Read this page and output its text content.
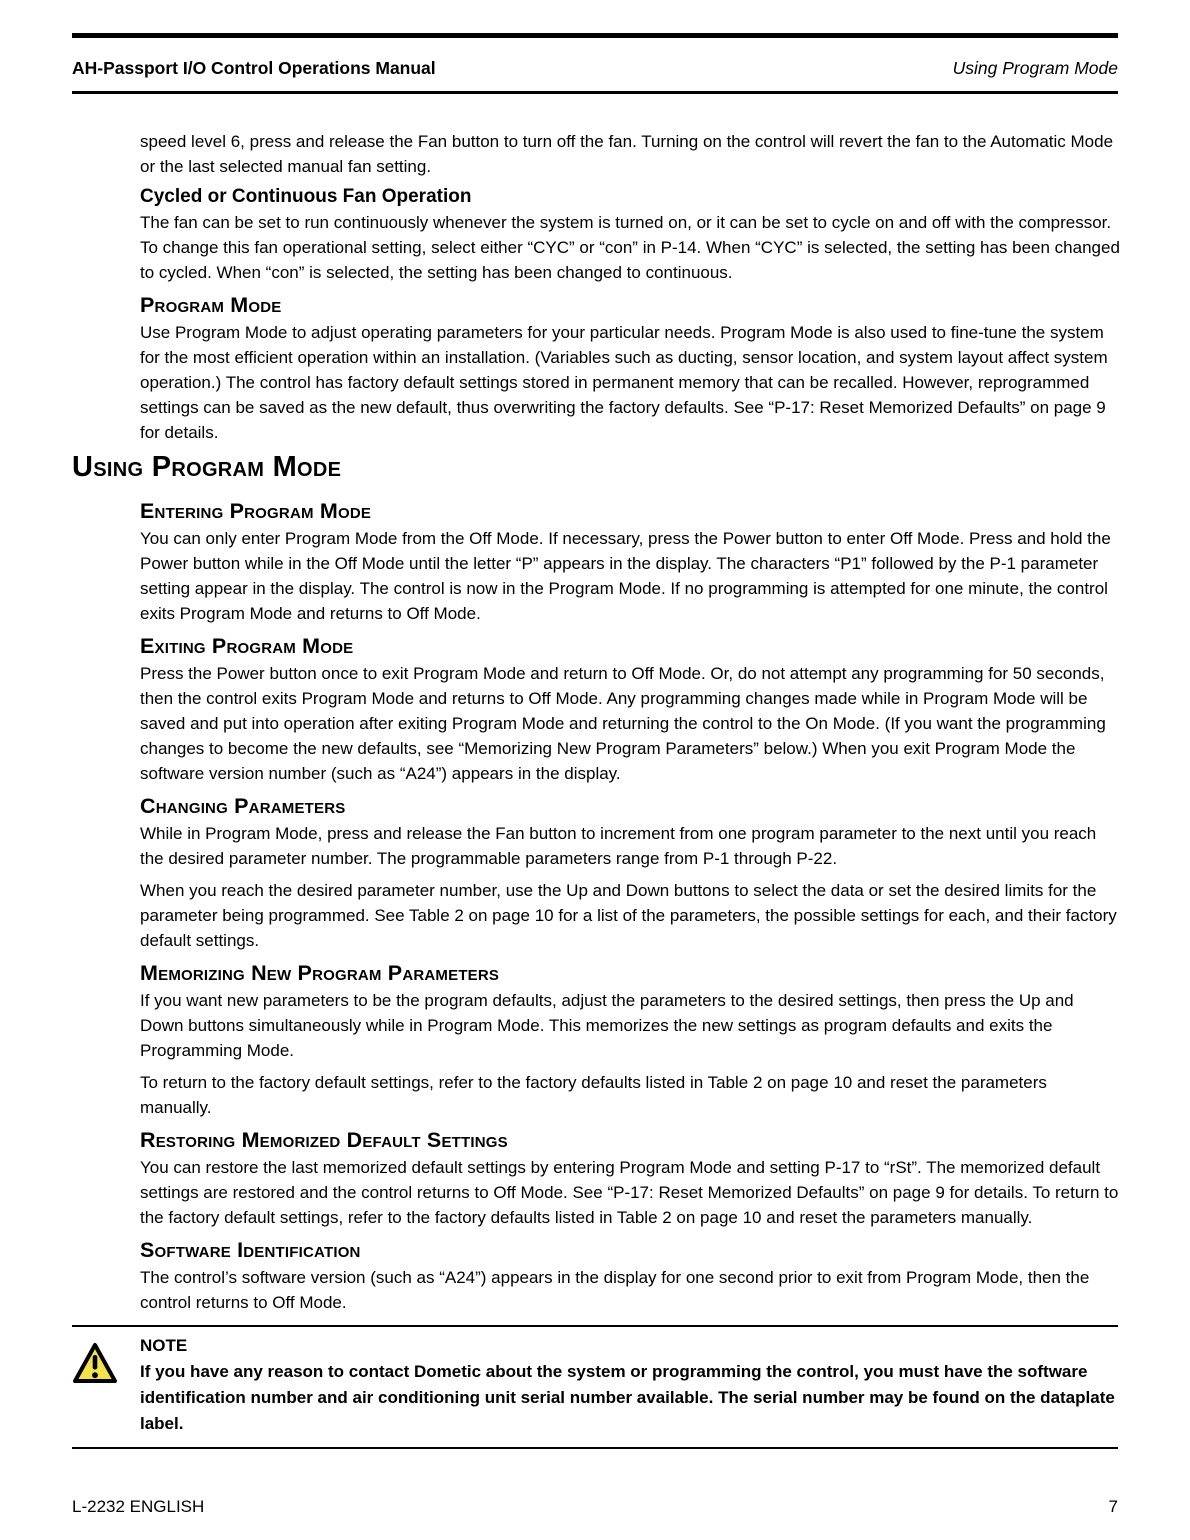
AH-Passport I/O Control Operations Manual	Using Program Mode

speed level 6, press and release the Fan button to turn off the fan. Turning on the control will revert the fan to the Automatic Mode or the last selected manual fan setting.

Cycled or Continuous Fan Operation

The fan can be set to run continuously whenever the system is turned on, or it can be set to cycle on and off with the compressor. To change this fan operational setting, select either “CYC” or “con” in P-14. When “CYC” is selected, the setting has been changed to cycled. When “con” is selected, the setting has been changed to continuous.

Program Mode

Use Program Mode to adjust operating parameters for your particular needs. Program Mode is also used to fine-tune the system for the most efficient operation within an installation. (Variables such as ducting, sensor location, and system layout affect system operation.) The control has factory default settings stored in permanent memory that can be recalled. However, reprogrammed settings can be saved as the new default, thus overwriting the factory defaults. See “P-17: Reset Memorized Defaults” on page 9 for details.

Using Program Mode
Entering Program Mode

You can only enter Program Mode from the Off Mode. If necessary, press the Power button to enter Off Mode. Press and hold the Power button while in the Off Mode until the letter “P” appears in the display. The characters “P1” followed by the P-1 parameter setting appear in the display. The control is now in the Program Mode. If no programming is attempted for one minute, the control exits Program Mode and returns to Off Mode.

Exiting Program Mode

Press the Power button once to exit Program Mode and return to Off Mode. Or, do not attempt any programming for 50 seconds, then the control exits Program Mode and returns to Off Mode. Any programming changes made while in Program Mode will be saved and put into operation after exiting Program Mode and returning the control to the On Mode. (If you want the programming changes to become the new defaults, see “Memorizing New Program Parameters” below.) When you exit Program Mode the software version number (such as “A24”) appears in the display.

Changing Parameters

While in Program Mode, press and release the Fan button to increment from one program parameter to the next until you reach the desired parameter number. The programmable parameters range from P-1 through P-22.

When you reach the desired parameter number, use the Up and Down buttons to select the data or set the desired limits for the parameter being programmed. See Table 2 on page 10 for a list of the parameters, the possible settings for each, and their factory default settings.

Memorizing New Program Parameters

If you want new parameters to be the program defaults, adjust the parameters to the desired settings, then press the Up and Down buttons simultaneously while in Program Mode. This memorizes the new settings as program defaults and exits the Programming Mode.

To return to the factory default settings, refer to the factory defaults listed in Table 2 on page 10 and reset the parameters manually.

Restoring Memorized Default Settings

You can restore the last memorized default settings by entering Program Mode and setting P-17 to “rSt”. The memorized default settings are restored and the control returns to Off Mode. See “P-17: Reset Memorized Defaults” on page 9 for details. To return to the factory default settings, refer to the factory defaults listed in Table 2 on page 10 and reset the parameters manually.

Software Identification

The control’s software version (such as “A24”) appears in the display for one second prior to exit from Program Mode, then the control returns to Off Mode.

NOTE

If you have any reason to contact Dometic about the system or programming the control, you must have the software identification number and air conditioning unit serial number available. The serial number may be found on the dataplate label.

L-2232 ENGLISH	7
